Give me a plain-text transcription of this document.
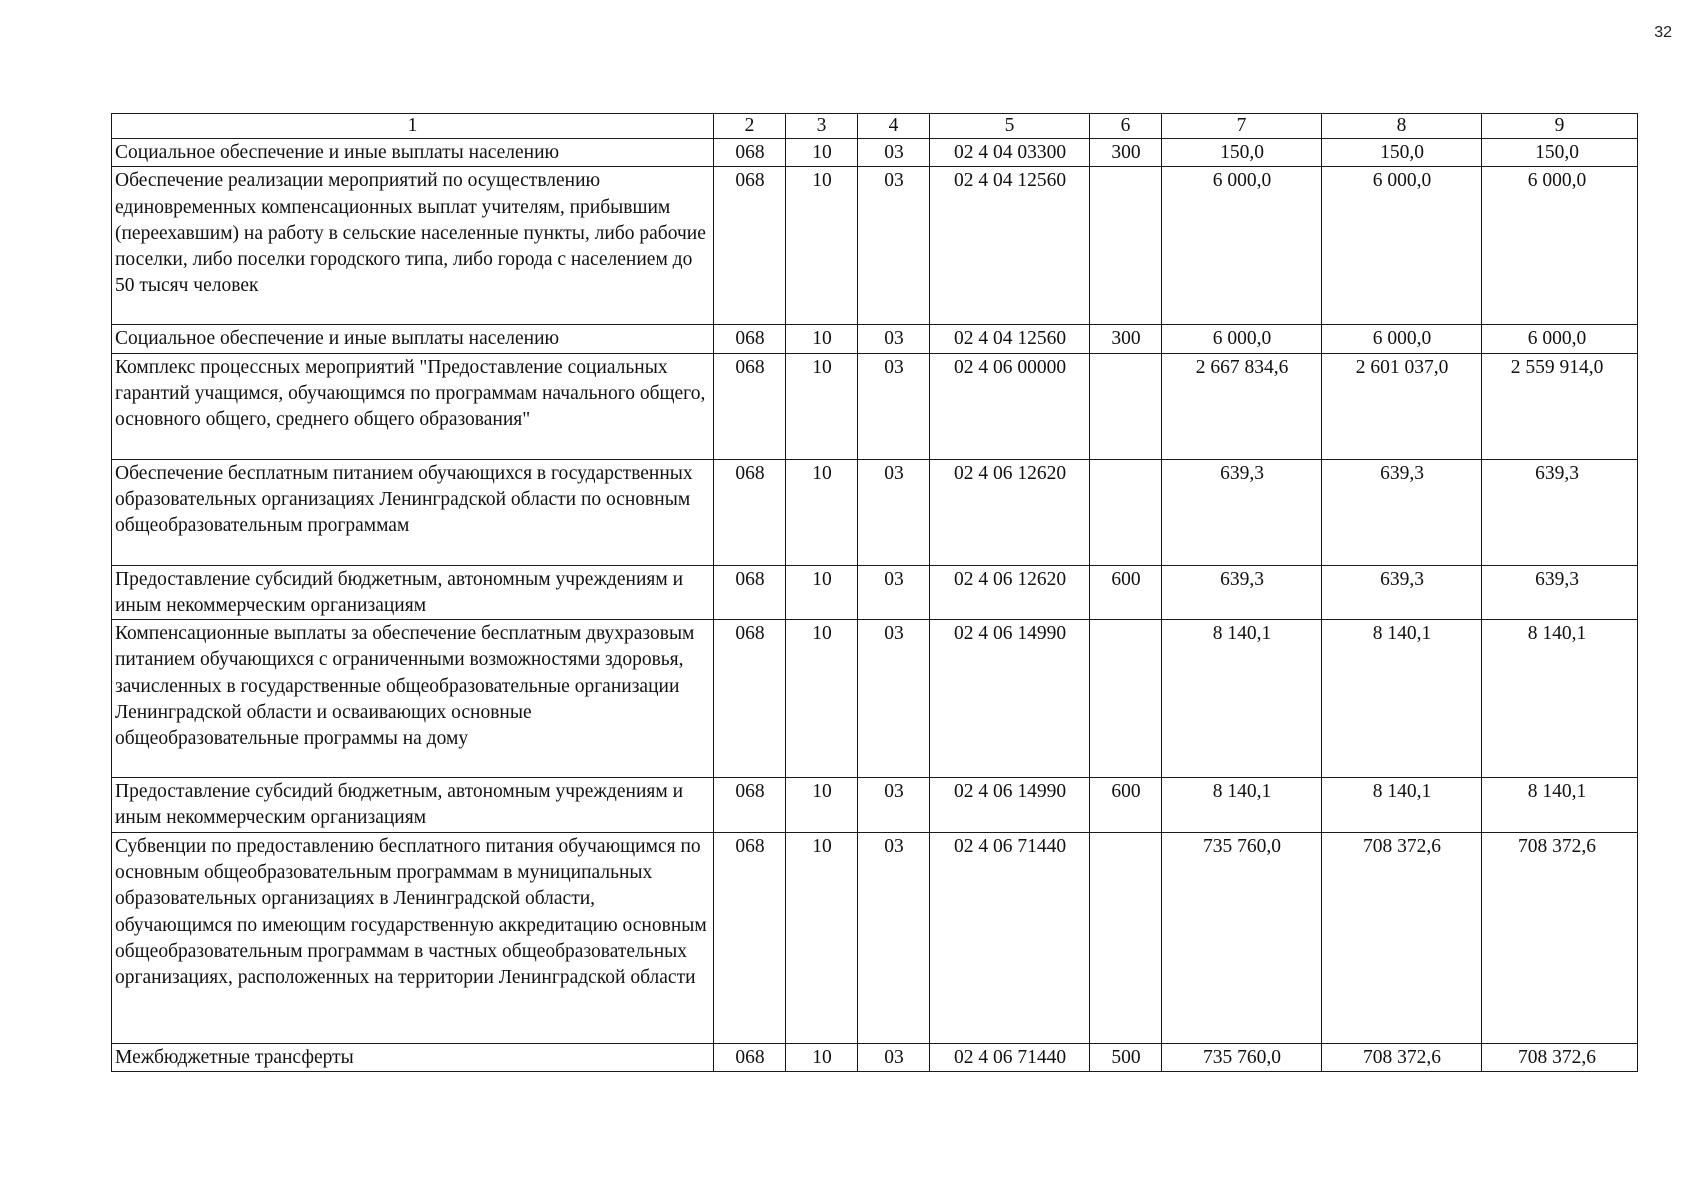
32
1	2	3	4	5	6	7	8	9
Социальное обеспечение и иные выплаты населению	068	10	03	02 4 04 03300	300	150,0	150,0	150,0
Обеспечение реализации мероприятий по осуществлению единовременных компенсационных выплат учителям, прибывшим (переехавшим) на работу в сельские населенные пункты, либо рабочие поселки, либо поселки городского типа, либо города с населением до 50 тысяч человек	068	10	03	02 4 04 12560		6 000,0	6 000,0	6 000,0
Социальное обеспечение и иные выплаты населению	068	10	03	02 4 04 12560	300	6 000,0	6 000,0	6 000,0
Комплекс процессных мероприятий "Предоставление социальных гарантий учащимся, обучающимся по программам начального общего, основного общего, среднего общего образования"	068	10	03	02 4 06 00000		2 667 834,6	2 601 037,0	2 559 914,0
Обеспечение бесплатным питанием обучающихся в государственных образовательных организациях Ленинградской области по основным общеобразовательным программам	068	10	03	02 4 06 12620		639,3	639,3	639,3
Предоставление субсидий бюджетным, автономным учреждениям и иным некоммерческим организациям	068	10	03	02 4 06 12620	600	639,3	639,3	639,3
Компенсационные выплаты за обеспечение бесплатным двухразовым питанием обучающихся с ограниченными возможностями здоровья, зачисленных в государственные общеобразовательные организации Ленинградской области и осваивающих основные общеобразовательные программы на дому	068	10	03	02 4 06 14990		8 140,1	8 140,1	8 140,1
Предоставление субсидий бюджетным, автономным учреждениям и иным некоммерческим организациям	068	10	03	02 4 06 14990	600	8 140,1	8 140,1	8 140,1
Субвенции по предоставлению бесплатного питания обучающимся по основным общеобразовательным программам в муниципальных образовательных организациях в Ленинградской области, обучающимся по имеющим государственную аккредитацию основным общеобразовательным программам в частных общеобразовательных организациях, расположенных на территории Ленинградской области	068	10	03	02 4 06 71440		735 760,0	708 372,6	708 372,6
Межбюджетные трансферты	068	10	03	02 4 06 71440	500	735 760,0	708 372,6	708 372,6
